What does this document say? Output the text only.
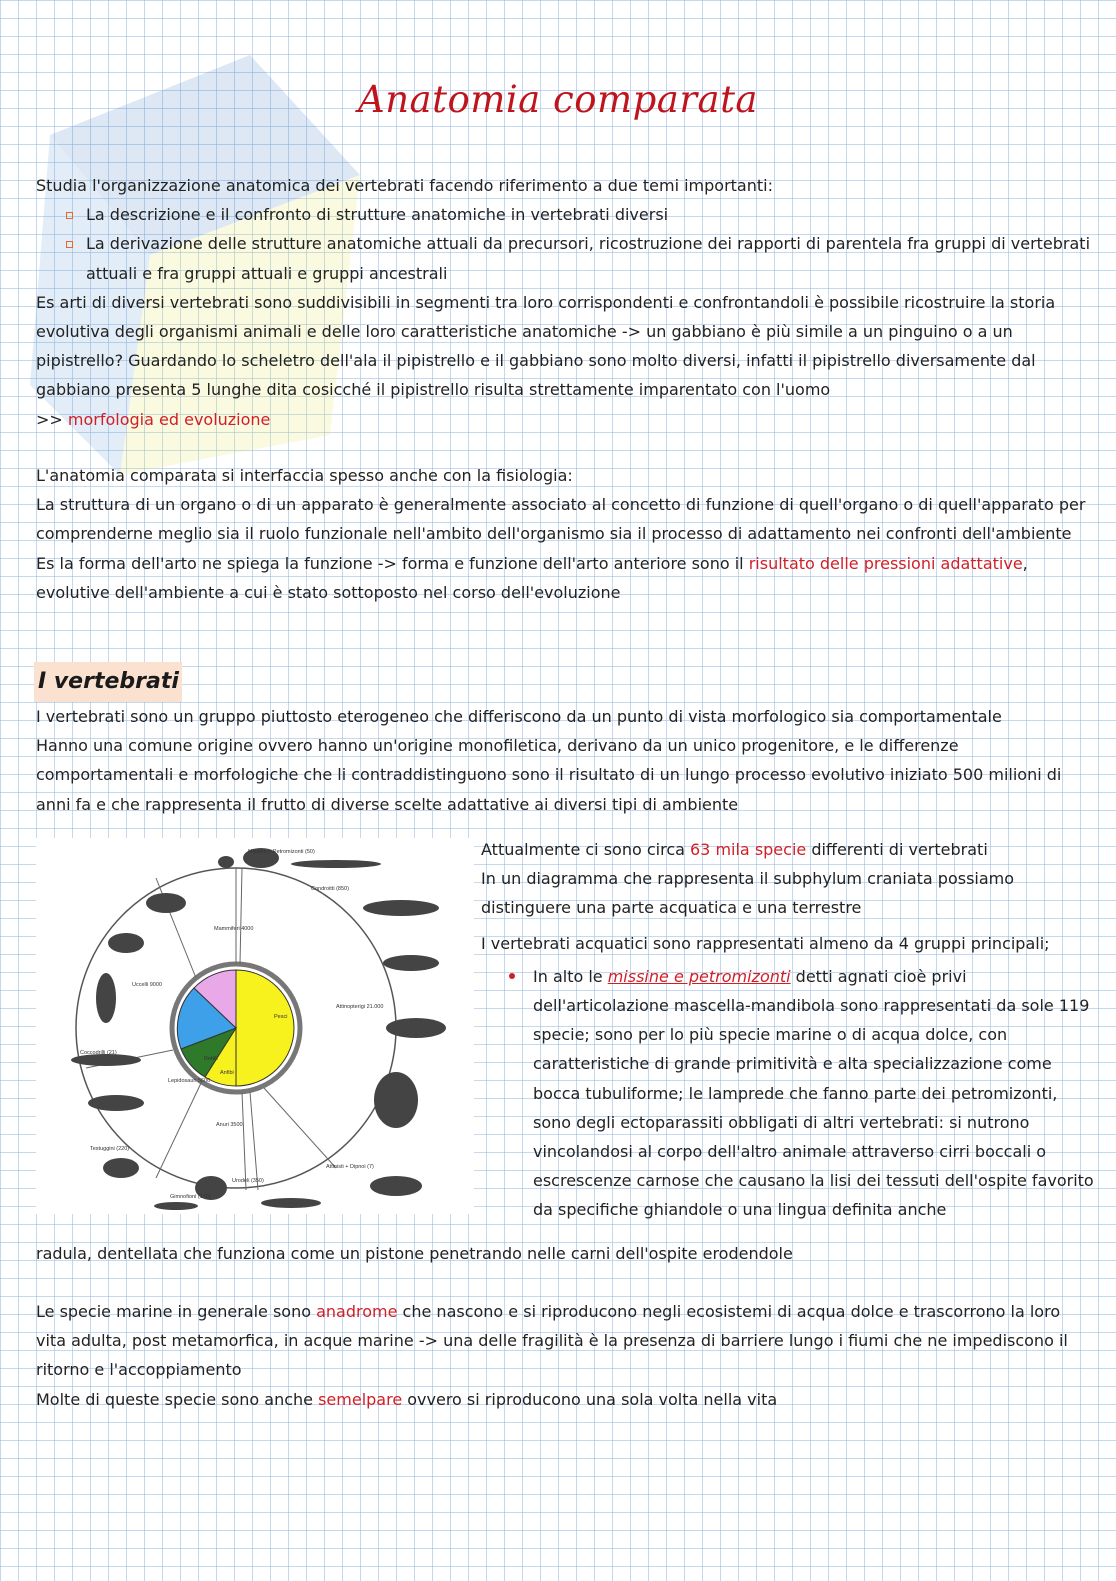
Anatomia comparata

Studia l'organizzazione anatomica dei vertebrati facendo riferimento a due temi importanti:

La descrizione e il confronto di strutture anatomiche in vertebrati diversi
La derivazione delle strutture anatomiche attuali da precursori, ricostruzione dei rapporti di parentela fra gruppi di vertebrati attuali e fra gruppi attuali e gruppi ancestrali

Es arti di diversi vertebrati sono suddivisibili in segmenti tra loro corrispondenti e confrontandoli è possibile ricostruire la storia evolutiva degli organismi animali e delle loro caratteristiche anatomiche -> un gabbiano è più simile a un pinguino o a un pipistrello? Guardando lo scheletro dell'ala il pipistrello e il gabbiano sono molto diversi, infatti il pipistrello diversamente dal gabbiano presenta 5 lunghe dita cosicché il pipistrello risulta strettamente imparentato con l'uomo

>> morfologia ed evoluzione

L'anatomia comparata si interfaccia spesso anche con la fisiologia:

La struttura di un organo o di un apparato è generalmente associato al concetto di funzione di quell'organo o di quell'apparato per comprenderne meglio sia il ruolo funzionale nell'ambito dell'organismo sia il processo di adattamento nei confronti dell'ambiente

Es la forma dell'arto ne spiega la funzione -> forma e funzione dell'arto anteriore sono il risultato delle pressioni adattative, evolutive dell'ambiente a cui è stato sottoposto nel corso dell'evoluzione

I vertebrati

I vertebrati sono un gruppo piuttosto eterogeneo che differiscono da un punto di vista morfologico sia comportamentale

Hanno una comune origine ovvero hanno un'origine monofiletica, derivano da un unico progenitore, e le differenze comportamentali e morfologiche che li contraddistinguono sono il risultato di un lungo processo evolutivo iniziato 500 milioni di anni fa e che rappresenta il frutto di diverse scelte adattative ai diversi tipi di ambiente

Mammiferi 4000
Uccelli 9000
Missine + Petromizonti (50)
Condroitti (850)
Attinopterigi 21.000
Attinisti + Dipnoi (7)
Urodeli (350)
Anuri 3500
Gimnofioni (170)
Testuggini (220)
Lepidosauri 5600
Coccodrilli (21)
Pesci
Rettili
Anfibi

Attualmente ci sono circa 63 mila specie differenti di vertebrati

In un diagramma che rappresenta il subphylum craniata possiamo distinguere una parte acquatica e una terrestre

I vertebrati acquatici sono rappresentati almeno da 4 gruppi principali;

In alto le missine e petromizonti detti agnati cioè privi dell'articolazione mascella-mandibola sono rappresentati da sole 119 specie; sono per lo più specie marine o di acqua dolce, con caratteristiche di grande primitività e alta specializzazione come bocca tubuliforme; le lamprede che fanno parte dei petromizonti, sono degli ectoparassiti obbligati di altri vertebrati: si nutrono vincolandosi al corpo dell'altro animale attraverso cirri boccali o escrescenze carnose che causano la lisi dei tessuti dell'ospite favorito da specifiche ghiandole o una lingua definita anche
radula, dentellata che funziona come un pistone penetrando nelle carni dell'ospite erodendole

Le specie marine in generale sono anadrome che nascono e si riproducono negli ecosistemi di acqua dolce e trascorrono la loro vita adulta, post metamorfica, in acque marine -> una delle fragilità è la presenza di barriere lungo i fiumi che ne impediscono il ritorno e l'accoppiamento

Molte di queste specie sono anche semelpare ovvero si riproducono una sola volta nella vita
